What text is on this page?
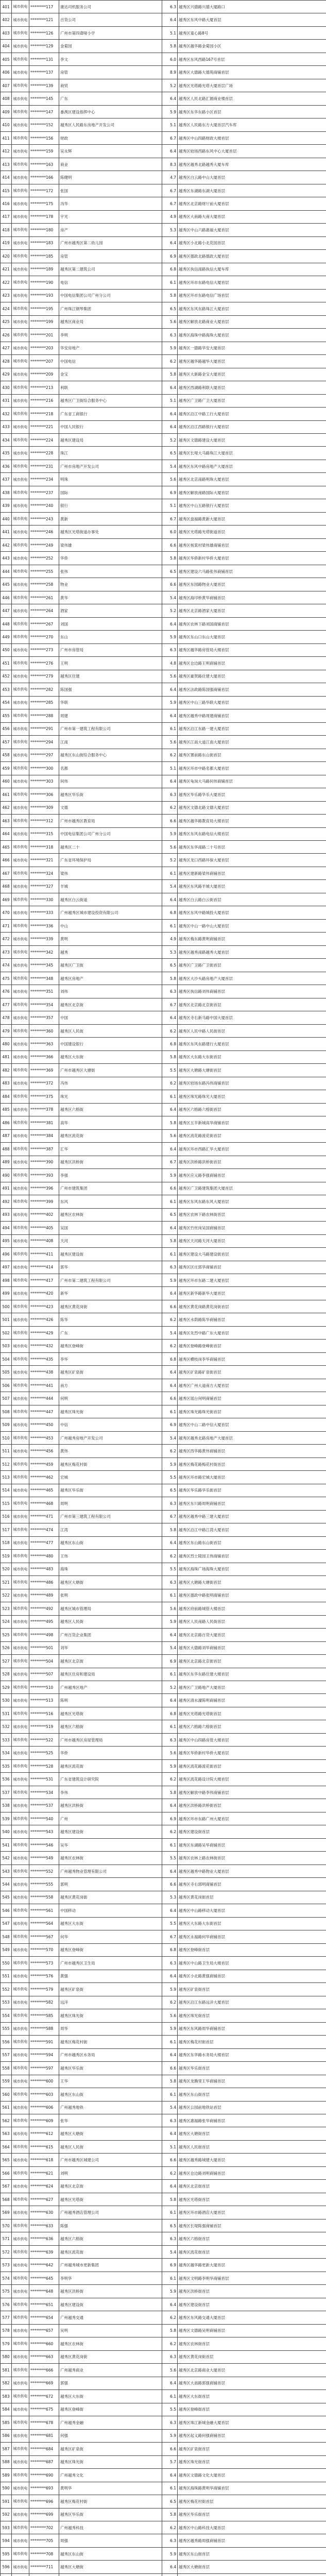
401	城市供电	********117	康达司机服务公司	6.3	越秀区兴德路兴德大厦路口
402	城市供电	********121	百货公司	6.4	越秀区东风中路大厦首层
403	城市供电	********126	广州市第四聋哑小学	5.1	越秀区童心路8号
404	城市供电	********129	金菊园	5.8	越秀区越华路金菊园小区
405	城市供电	********131	李文	6.0	越秀区东风西路167号首层
406	城市供电	********137	房管	8.9	越秀区大德路大德苑商铺首层
407	城市供电	********139	商贸	5.2	越秀区光塔路光塔大厦首层广场
408	城市供电	********145	广东	6.4	越秀区人民北路汇源商业楼首层
409	城市供电	********147	番禺区建设指挥中心	5.9	越秀区东华东路小区首层
410	城市供电	********152	越秀区人民路东房地产开发公司	5.1	越秀区人民路东方大厦首层汽车库
411	城市供电	********156	财政	6.7	越秀区中山四路财政大楼首层
412	城市供电	********159	吴永辉	6.4	越秀区较场西路东风中心大厦首层
413	城市供电	********163	商业	8.3	越秀区越秀北路越秀大厦车库
414	城市供电	********166	陈健明	4.7	越秀区白云路中山大厦首层
415	城市供电	********172	张国	6.7	越秀区东湖路东湖大厦首层
416	城市供电	********175	冯华	6.7	越秀区北京路财厅前大厦首层
417	城市供电	********178	宇光	4.9	越秀区大南路大南大厦首层
418	城市供电	********180	房产	5.3	越秀区中山六路惠福大厦首层
419	城市供电	********183	广州市越秀区第二幼儿园	6.4	越秀区小北路小北花园首层
420	城市供电	********185	房管	6.9	越秀区德政北路德政大厦首层
421	城市供电	********189	越秀区第二建筑公司	6.8	越秀区执信南路执信大厦车库
422	城市供电	********190	电信	6.1	越秀区环市东路电信大厦首层
423	城市供电	********193	中国电信集团公司广州分公司	5.8	越秀区环市东路电信广场首层
424	城市供电	********195	广州珠江钢琴集团	6.5	越秀区东风东路珠江大厦首层
425	城市供电	********199	越秀区商业局	5.6	越秀区解放北路商业大厦首层
426	城市供电	********201	李明	6.3	越秀区海珠中路海珠大厦首层
427	城市供电	********203	华安房地产	5.9	越秀区一德路华安大厦首层
428	城市供电	********207	中国电信	6.2	越秀区越华路越华大厦首层
429	城市供电	********209	金宝	5.8	越秀区大新路金宝大厦首层
430	城市供电	********213	利联	6.4	越秀区西湖路利联大厦首层
431	城市供电	********216	越秀区广卫街综合服务中心	5.1	越秀区广卫路广卫大厦首层
432	城市供电	********218	广东省工商银行	6.4	越秀区沿江中路工行大厦首层
433	城市供电	********221	中国人民银行	6.4	越秀区沿江西路银行大厦首层
434	城市供电	********224	越秀区建设局	5.2	越秀区文德路建设大厦首层
435	城市供电	********228	珠江	6.5	越秀区长堤大马路珠江大厦首层
436	城市供电	********231	广州市房地产开发公司	5.4	越秀区东风中路房地产大厦首层
437	城市供电	********234	明珠	5.6	越秀区北京南路明珠大厦首层
438	城市供电	********237	国际	6.9	越秀区解放南路国际大厦首层
439	城市供电	********240	银行	5.1	越秀区中山五路银行大厦首层
440	城市供电	********243	黄新	6.7	越秀区盘福路黄新大厦首层
441	城市供电	********246	越秀区光塔街道办事处	6.0	越秀区光塔路光塔街道首层
442	城市供电	********249	梁伟雄	6.6	越秀区杨箕村梁伟雄商铺首层
443	城市供电	********252	华侨	5.8	越秀区华侨新村华侨大厦首层
444	城市供电	********255	张伟	6.5	越秀区建设六马路张伟商铺首层
445	城市供电	********258	物业	6.6	越秀区东园路物业大厦首层
446	城市供电	********261	黄华	5.4	越秀区海印桥黄华商铺首层
447	城市供电	********264	酒家	5.2	越秀区北京路酒家大厦首层
448	城市供电	********267	刘国	6.4	越秀区农林下路刘国商铺首层
449	城市供电	********270	东山	5.9	越秀区东山口东山大厦首层
450	城市供电	********273	广州市房管局	6.3	越秀区越华路房管局大楼首层
451	城市供电	********276	王明	4.8	越秀区仓边路王明商铺首层
452	城市供电	********279	越秀区住建	5.6	越秀区豪贤路住建大厦首层
453	城市供电	********282	陈国强	6.4	越秀区法政路陈国强商铺首层
454	城市供电	********285	华联	5.9	越秀区中山三路华联大厦首层
455	城市供电	********288	周建	6.4	越秀区越秀中路周建商铺首层
456	城市供电	********291	广州市第一建筑工程有限公司	6.1	越秀区沿江东路一建大厦首层
457	城市供电	********294	江南	5.6	越秀区江南大道江南大厦首层
458	城市供电	********297	越秀区东山街综合服务中心	6.2	越秀区署前路东山街首层
459	城市供电	********300	名都	5.1	越秀区环市中路名都大厦首层
460	城市供电	********303	何伟	6.4	越秀区龟岗大马路何伟商铺首层
461	城市供电	********306	越秀区华乐街	6.3	越秀区华乐路华乐大厦首层
462	城市供电	********309	文德	6.2	越秀区文德北路文德大厦首层
463	城市供电	********312	广州市越秀区教育局	6.6	越秀区越华路教育局大楼首层
464	城市供电	********315	中国电信集团公司广州分公司	5.9	越秀区东风东路电信大楼首层
465	城市供电	********318	越秀区二十	5.6	越秀区东华南路二十号首层
466	城市供电	********321	广东省环境保护局	5.2	越秀区龙口西路环保大厦首层
467	城市供电	********324	梁伟	6.1	越秀区建新路梁伟商铺首层
468	城市供电	********327	羊城	5.4	越秀区东风路羊城大厦首层
469	城市供电	********330	越秀区白云街道	6.4	越秀区白云路白云街首层
470	城市供电	********333	广州越秀区城市建设投资有限公司	6.8	越秀区东风中路城投大厦首层
471	城市供电	********336	中山	6.1	越秀区中山一路中山大厦首层
472	城市供电	********339	黄明	4.9	越秀区梅东路黄明商铺首层
473	城市供电	********342	越秀	5.3	越秀区越秀南路越秀大厦首层
474	城市供电	********345	越秀区广卫街	6.5	越秀区广卫路广卫街首层
475	城市供电	********348	越秀区房地产	5.8	越秀区大沙头路房地产大厦首层
476	城市供电	********351	刘伟	6.3	越秀区执信路刘伟商铺首层
477	城市供电	********354	越秀区北京街	6.7	越秀区北京路北京街首层
478	城市供电	********357	中国	6.4	越秀区寺右新马路中国大厦首层
479	城市供电	********360	越秀区人民街	6.2	越秀区人民中路人民街首层
480	城市供电	********363	中国建设银行	6.8	越秀区东风东路建行大厦首层
481	城市供电	********366	越秀区大东街	5.8	越秀区大东路大东街首层
482	城市供电	********369	广州市越秀区大塘街	5.5	越秀区大塘路大塘街首层
483	城市供电	********372	冯伟	6.2	越秀区较场东路冯伟商铺首层
484	城市供电	********375	珠光	6.1	越秀区珠光路珠光大厦首层
485	城市供电	********378	越秀区六榕街	6.4	越秀区六榕路六榕街首层
486	城市供电	********381	高华	5.8	越秀区五羊新城高华商铺首层
487	城市供电	********384	越秀区流花街	5.6	越秀区流花路流花街首层
488	城市供电	********387	汇华	6.4	越秀区环市西路汇华大厦首层
489	城市供电	********390	越秀区洪桥街	6.7	越秀区洪桥路洪桥街首层
490	城市供电	********393	李强	5.9	越秀区应元路李强商铺首层
491	城市供电	********396	广州市建筑集团	6.6	越秀区广卫路建筑集团大厦首层
492	城市供电	********399	东风	6.1	越秀区东风东路东风大厦首层
493	城市供电	********402	越秀区农林街	6.5	越秀区农林下路农林街首层
494	城市供电	********405	吴国	6.4	越秀区竹丝岗吴国商铺首层
495	城市供电	********408	天河	5.8	越秀区天河路天河大厦首层
496	城市供电	********411	越秀区建设街	6.1	越秀区建设大马路建设街首层
497	城市供电	********414	郭华	6.3	越秀区区庄郭华商铺首层
498	城市供电	********417	广州市第二建筑工程有限公司	5.9	越秀区环市东路二建大厦首层
499	城市供电	********420	新华	6.4	越秀区新华路新华大厦首层
500	城市供电	********423	越秀区黄花岗街	6.6	越秀区黄花岗路黄花岗街首层
501	城市供电	********426	陈华	6.2	越秀区水荫路陈华商铺首层
502	城市供电	********429	广东	5.4	越秀区先烈中路广东大厦首层
503	城市供电	********432	越秀区登峰街	6.2	越秀区登峰路登峰街首层
504	城市供电	********435	李华	6.8	越秀区横枝岗李华商铺首层
505	城市供电	********438	越秀区矿泉街	6.4	越秀区矿泉路矿泉街首层
506	城市供电	********441	南方	6.4	越秀区广州大道南方大厦首层
507	城市供电	********444	何明	6.6	越秀区瑶台何明商铺首层
508	城市供电	********447	越秀区珠光街	6.1	越秀区珠光路珠光街首层
509	城市供电	********450	中信	6.9	越秀区中山二路中信大厦首层
510	城市供电	********453	广州越秀房地产开发公司	5.4	越秀区越秀北路房地产大厦首层
511	城市供电	********456	黄伟	6.2	越秀区西华路黄伟商铺首层
512	城市供电	********459	越秀区梅花村街	5.9	越秀区梅花路梅花村街首层
513	城市供电	********462	宏城	5.5	越秀区环市路宏城大厦首层
514	城市供电	********465	越秀区华乐街	6.5	越秀区华乐路华乐街首层
515	城市供电	********468	周明	6.3	越秀区东川路周明商铺首层
516	城市供电	********471	广州市第三建筑工程有限公司	6.7	越秀区越秀中路三建大厦首层
517	城市供电	********474	江湾	5.8	越秀区沿江中路江湾大厦首层
518	城市供电	********477	越秀区东山街	6.4	越秀区东山路东山街首层
519	城市供电	********480	王伟	6.2	越秀区烈士陵园王伟商铺首层
520	城市供电	********483	海珠	5.5	越秀区海珠广场海珠大厦首层
521	城市供电	********486	越秀区大塘街	6.3	越秀区大塘路大塘街首层
522	城市供电	********489	张明	6.1	越秀区德政中路张明商铺首层
523	城市供电	********492	越秀区城市管理局	5.6	越秀区府前路城管大楼首层
524	城市供电	********495	越秀区人民街	5.9	越秀区人民南路人民街首层
525	城市供电	********498	广州百货企业集团	6.4	越秀区北京路百货大厦首层
526	城市供电	********501	刘华	5.4	越秀区大德路刘华商铺首层
527	城市供电	********504	越秀区北京街	6.9	越秀区北京路北京街首层
528	城市供电	********507	越秀区住房和建设局	6.1	越秀区东华东路住建大楼首层
529	城市供电	********510	广州越秀区地产	5.2	越秀区广卫路地产大厦首层
530	城市供电	********513	陈明	6.4	越秀区清水濠陈明商铺首层
531	城市供电	********516	越秀区光塔街	6.8	越秀区光塔路光塔街首层
532	城市供电	********519	越秀区六榕街	6.1	越秀区六榕路六榕街首层
533	城市供电	********522	广州市越秀区房屋管理局	6.3	越秀区中山四路房管大楼首层
534	城市供电	********525	华侨	5.6	越秀区华侨新村华侨大厦首层
535	城市供电	********528	越秀区流花街	5.9	越秀区流花路流花街首层
536	城市供电	********531	广东省建筑设计研究院	6.2	越秀区流花路设计院大楼首层
537	城市供电	********534	李伟	5.8	越秀区解放中路李伟商铺首层
538	城市供电	********537	越秀区洪桥街	6.4	越秀区洪桥路洪桥街首层
539	城市供电	********540	广州	6.9	越秀区环市东路广州大厦首层
540	城市供电	********543	越秀区建设街	6.2	越秀区建设街首层
541	城市供电	********546	吴华	6.1	越秀区东湖路吴华商铺首层
542	城市供电	********549	越秀区农林街	5.5	越秀区农林上路农林街首层
543	城市供电	********552	广州越秀物业管理有限公司	6.4	越秀区越秀中路物业大厦首层
544	城市供电	********555	郭明	6.6	越秀区寺右郭明商铺首层
545	城市供电	********558	越秀区黄花岗街	5.3	越秀区黄花岗街首层
546	城市供电	********561	中国移动	6.4	越秀区中山路移动大厦首层
547	城市供电	********564	越秀区大东街	5.5	越秀区大东路大东街首层
548	城市供电	********567	何华	6.7	越秀区永福路何华商铺首层
549	城市供电	********570	越秀区登峰街	6.8	越秀区登峰街首层
550	城市供电	********573	广州市越秀区卫生局	6.3	越秀区中山路卫生局大楼首层
551	城市供电	********576	黄强	6.4	越秀区小北路黄强商铺首层
552	城市供电	********579	越秀区矿泉街	5.9	越秀区矿泉街首层
553	城市供电	********582	远洋	6.2	越秀区沿江东路远洋大厦首层
554	城市供电	********585	越秀区珠光街	5.6	越秀区珠光街首层
555	城市供电	********588	周华	5.9	越秀区东风路周华商铺首层
556	城市供电	********591	越秀区梅花村街	6.1	越秀区梅花村街首层
557	城市供电	********594	广州市越秀区水务局	6.4	越秀区东华路水务局大楼首层
558	城市供电	********597	越秀区华乐街	6.6	越秀区华乐街首层
559	城市供电	********600	王华	5.8	越秀区龙腾里王华商铺首层
560	城市供电	********603	越秀区东山街	6.1	越秀区东山街首层
561	城市供电	********606	广州越秀地铁	5.4	越秀区公园前地铁站首层
562	城市供电	********609	张华	6.3	越秀区惠福路张华商铺首层
563	城市供电	********612	越秀区大塘街	6.4	越秀区大塘街首层
564	城市供电	********615	越秀区人民街	5.1	越秀区人民街首层
565	城市供电	********618	广州市越秀区城建公司	6.6	越秀区越秀路城建大厦首层
566	城市供电	********621	刘明	6.2	越秀区仓边路刘明商铺首层
567	城市供电	********624	越秀区北京街	6.4	越秀区北京街首层
568	城市供电	********627	越秀区光塔街	5.8	越秀区光塔街首层
569	城市供电	********630	广州越秀酒店管理公司	6.1	越秀区环市路酒店大厦首层
570	城市供电	********633	陈强	6.5	越秀区长堤陈强商铺首层
571	城市供电	********636	越秀区六榕街	6.3	越秀区六榕街首层
572	城市供电	********639	越秀区流花街	5.4	越秀区流花街首层
573	城市供电	********642	广州越秀城市更新集团	6.9	越秀区越华路更新大厦首层
574	城市供电	********645	李明华	6.1	越秀区文明路李明华商铺首层
575	城市供电	********648	越秀区洪桥街	5.9	越秀区洪桥街首层
576	城市供电	********651	越秀区建设街	6.4	越秀区建设街首层
577	城市供电	********654	广州越秀交通	6.2	越秀区东风路交通大厦首层
578	城市供电	********657	吴明	5.8	越秀区文德路吴明商铺首层
579	城市供电	********660	越秀区农林街	6.2	越秀区农林街首层
580	城市供电	********663	越秀区黄花岗街	6.3	越秀区黄花岗街首层
581	城市供电	********666	广州越秀商业	5.6	越秀区北京路商业大厦首层
582	城市供电	********669	郭强	6.4	越秀区大南路郭强商铺首层
583	城市供电	********672	越秀区大东街	6.1	越秀区大东街首层
584	城市供电	********675	越秀区登峰街	5.5	越秀区登峰街首层
585	城市供电	********678	广州越秀金融	6.3	越秀区珠江新城金融大厦首层
586	城市供电	********681	何强	5.9	越秀区起义路何强商铺首层
587	城市供电	********684	越秀区矿泉街	6.6	越秀区矿泉街首层
588	城市供电	********687	越秀区珠光街	5.7	越秀区珠光街首层
589	城市供电	********690	广州越秀文化	6.4	越秀区文德路文化大厦首层
590	城市供电	********693	黄明华	6.1	越秀区海珠路黄明华商铺首层
591	城市供电	********696	越秀区梅花村街	6.5	越秀区梅花村街首层
592	城市供电	********699	越秀区华乐街	5.8	越秀区华乐街首层
593	城市供电	********702	广州越秀科技	6.2	越秀区中山路科技大厦首层
594	城市供电	********705	周强	6.3	越秀区越秀路周强商铺首层
595	城市供电	********708	越秀区东山街	5.9	越秀区东山街首层
596	城市供电	********711	越秀区大塘街	6.4	越秀区大塘街首层
